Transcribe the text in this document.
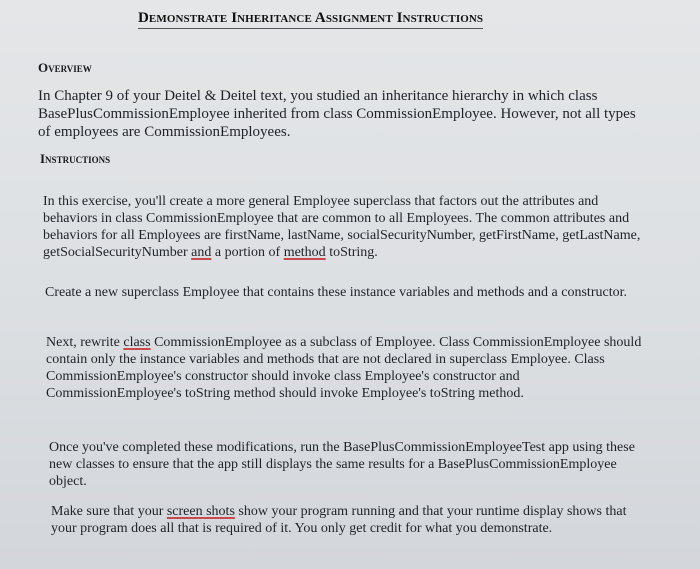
Demonstrate Inheritance Assignment Instructions
Overview
In Chapter 9 of your Deitel & Deitel text, you studied an inheritance hierarchy in which class BasePlusCommissionEmployee inherited from class CommissionEmployee. However, not all types of employees are CommissionEmployees.
Instructions
In this exercise, you'll create a more general Employee superclass that factors out the attributes and behaviors in class CommissionEmployee that are common to all Employees. The common attributes and behaviors for all Employees are firstName, lastName, socialSecurityNumber, getFirstName, getLastName, getSocialSecurityNumber and a portion of method toString.
Create a new superclass Employee that contains these instance variables and methods and a constructor.
Next, rewrite class CommissionEmployee as a subclass of Employee. Class CommissionEmployee should contain only the instance variables and methods that are not declared in superclass Employee. Class CommissionEmployee's constructor should invoke class Employee's constructor and CommissionEmployee's toString method should invoke Employee's toString method.
Once you've completed these modifications, run the BasePlusCommissionEmployeeTest app using these new classes to ensure that the app still displays the same results for a BasePlusCommissionEmployee object.
Make sure that your screen shots show your program running and that your runtime display shows that your program does all that is required of it. You only get credit for what you demonstrate.
